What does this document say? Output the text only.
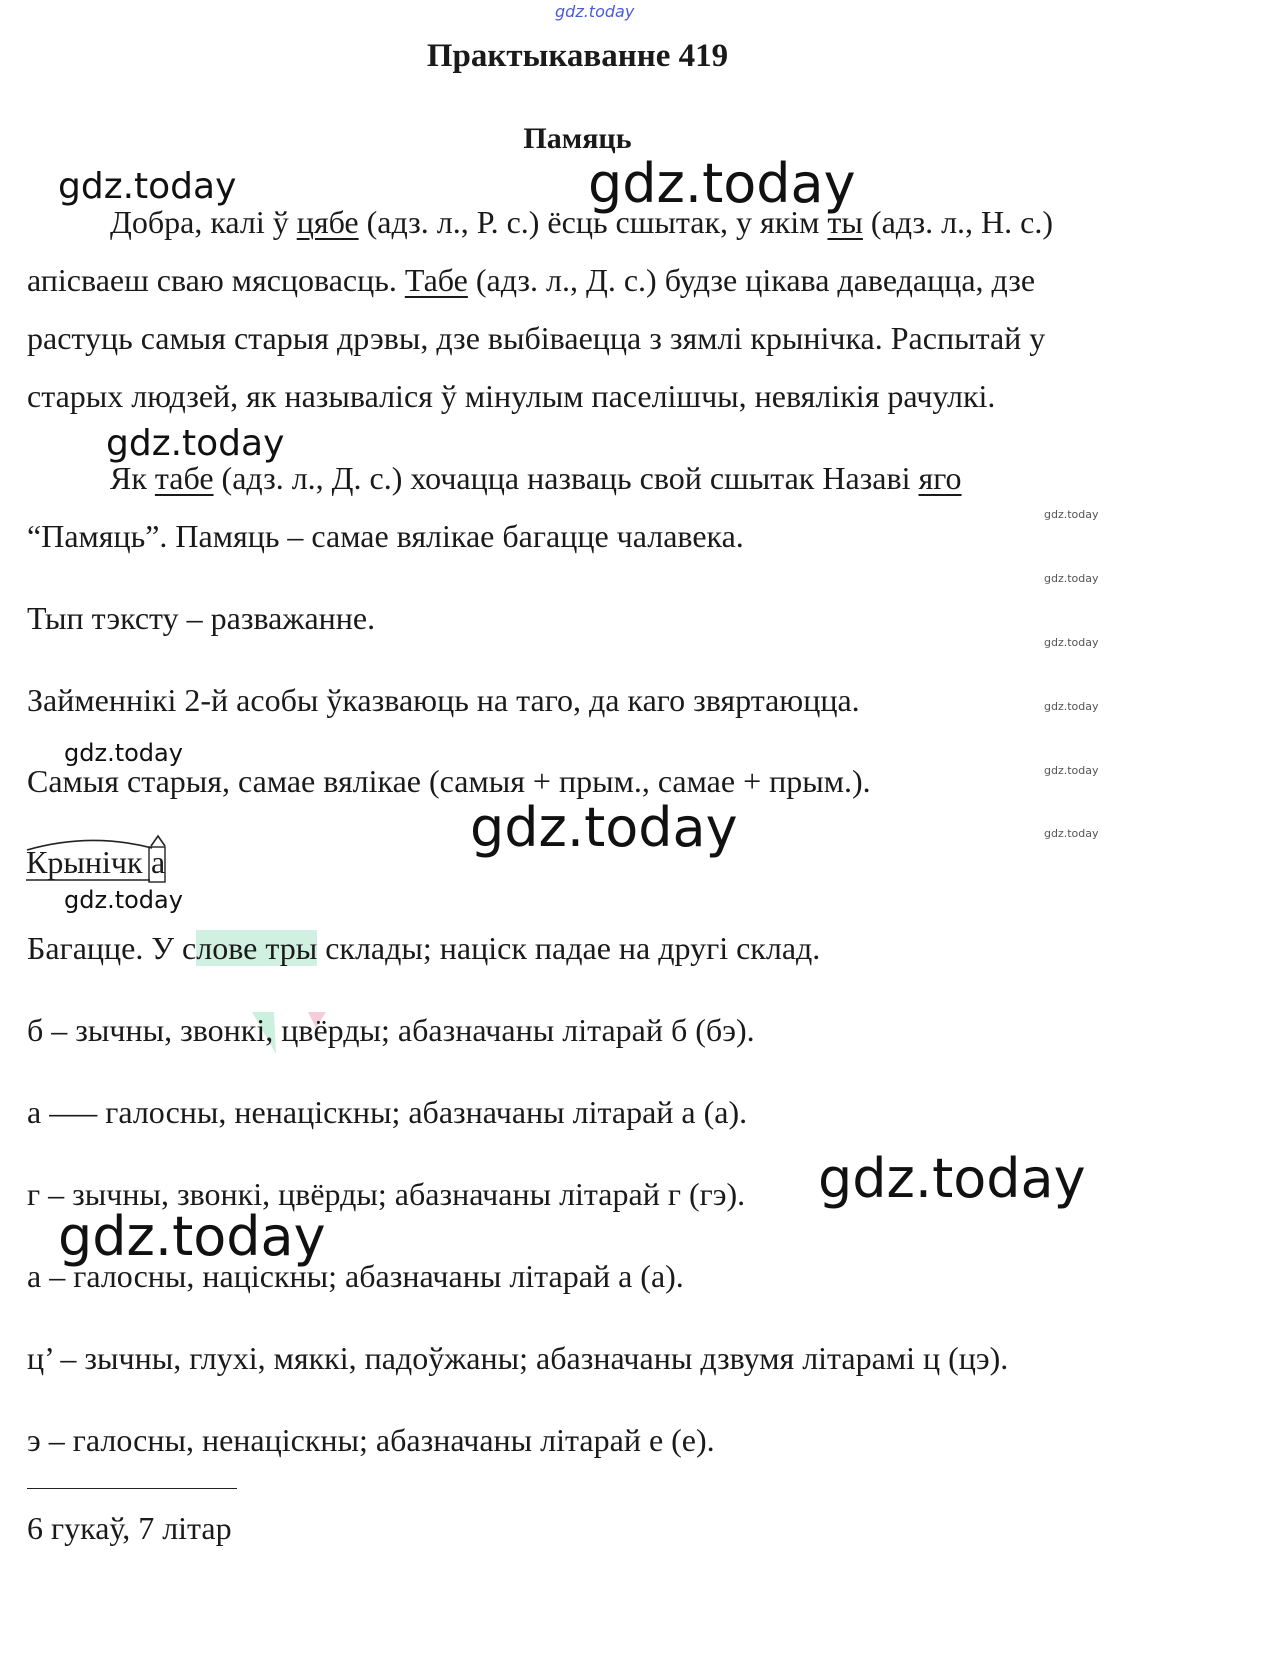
gdz.today
gdz.today	gdz.today
gdz.today
gdz.today
gdz.today
gdz.today
gdz.today
gdz.today
gdz.today
gdz.today
gdz.today
gdz.today
gdz.today
gdz.today
Практыкаванне 419
Памяць
Добра, калі ў цябе (адз. л., Р. с.) ёсць сшытак, у якім ты (адз. л., Н. с.)
апісваеш сваю мясцовасць. Табе (адз. л., Д. с.) будзе цікава даведацца, дзе
растуць самыя старыя дрэвы, дзе выбіваецца з зямлі крынічка. Распытай у
старых людзей, як называліся ў мінулым паселішчы, невялікія рачулкі.
Як табе (адз. л., Д. с.) хочацца назваць свой сшытак Назаві яго
“Памяць”. Памяць – самае вялікае багацце чалавека.
Тып тэксту – разважанне.
Займеннікі 2-й асобы ўказваюць на таго, да каго звяртаюцца.
Самыя старыя, самае вялікае (самыя + прым., самае + прым.).
Крынічк а
Багацце. У слове тры склады; націск падае на другі склад.
б – зычны, звонкі, цвёрды; абазначаны літарай б (бэ).
а —– галосны, ненаціскны; абазначаны літарай а (а).
г – зычны, звонкі, цвёрды; абазначаны літарай г (гэ).
а – галосны, націскны; абазначаны літарай а (а).
ц’ – зычны, глухі, мяккі, падоўжаны; абазначаны дзвумя літарамі ц (цэ).
э – галосны, ненаціскны; абазначаны літарай е (е).
6 гукаў, 7 літар
